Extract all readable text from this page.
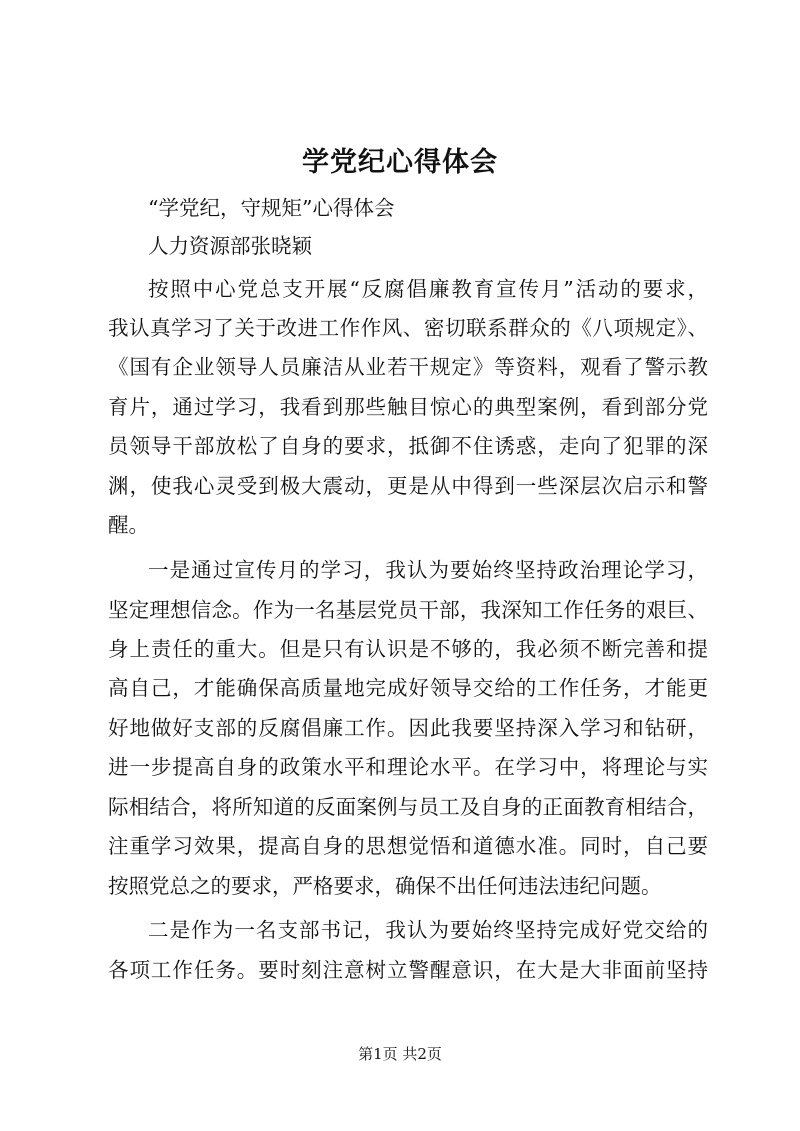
学党纪心得体会
“学党纪，守规矩”心得体会
人力资源部张晓颖
按照中心党总支开展“反腐倡廉教育宣传月”活动的要求，
我认真学习了关于改进工作作风、密切联系群众的《八项规定》、
《国有企业领导人员廉洁从业若干规定》等资料，观看了警示教
育片，通过学习，我看到那些触目惊心的典型案例，看到部分党
员领导干部放松了自身的要求，抵御不住诱惑，走向了犯罪的深
渊，使我心灵受到极大震动，更是从中得到一些深层次启示和警
醒。
一是通过宣传月的学习，我认为要始终坚持政治理论学习，
坚定理想信念。作为一名基层党员干部，我深知工作任务的艰巨、
身上责任的重大。但是只有认识是不够的，我必须不断完善和提
高自己，才能确保高质量地完成好领导交给的工作任务，才能更
好地做好支部的反腐倡廉工作。因此我要坚持深入学习和钻研，
进一步提高自身的政策水平和理论水平。在学习中，将理论与实
际相结合，将所知道的反面案例与员工及自身的正面教育相结合，
注重学习效果，提高自身的思想觉悟和道德水准。同时，自己要
按照党总之的要求，严格要求，确保不出任何违法违纪问题。
二是作为一名支部书记，我认为要始终坚持完成好党交给的
各项工作任务。要时刻注意树立警醒意识，在大是大非面前坚持
第1页 共2页
